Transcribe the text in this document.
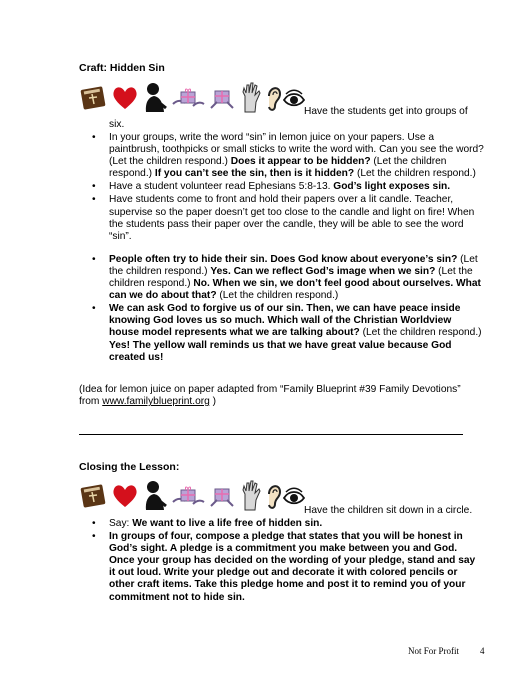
Craft: Hidden Sin
Have the students get into groups of
six.
• In your groups, write the word “sin” in lemon juice on your papers. Use a paintbrush, toothpicks or small sticks to write the word with. Can you see the word? (Let the children respond.) Does it appear to be hidden? (Let the children respond.) If you can’t see the sin, then is it hidden? (Let the children respond.)
• Have a student volunteer read Ephesians 5:8-13. God’s light exposes sin.
• Have students come to front and hold their papers over a lit candle. Teacher, supervise so the paper doesn’t get too close to the candle and light on fire! When the students pass their paper over the candle, they will be able to see the word “sin”.
• People often try to hide their sin. Does God know about everyone’s sin? (Let the children respond.) Yes. Can we reflect God’s image when we sin? (Let the children respond.) No. When we sin, we don’t feel good about ourselves. What can we do about that? (Let the children respond.)
• We can ask God to forgive us of our sin. Then, we can have peace inside knowing God loves us so much. Which wall of the Christian Worldview house model represents what we are talking about? (Let the children respond.) Yes! The yellow wall reminds us that we have great value because God created us!
(Idea for lemon juice on paper adapted from “Family Blueprint #39 Family Devotions” from www.familyblueprint.org )
Closing the Lesson:
Have the children sit down in a circle.
• Say: We want to live a life free of hidden sin.
• In groups of four, compose a pledge that states that you will be honest in God’s sight. A pledge is a commitment you make between you and God. Once your group has decided on the wording of your pledge, stand and say it out loud. Write your pledge out and decorate it with colored pencils or other craft items. Take this pledge home and post it to remind you of your commitment not to hide sin.
Not For Profit 4
